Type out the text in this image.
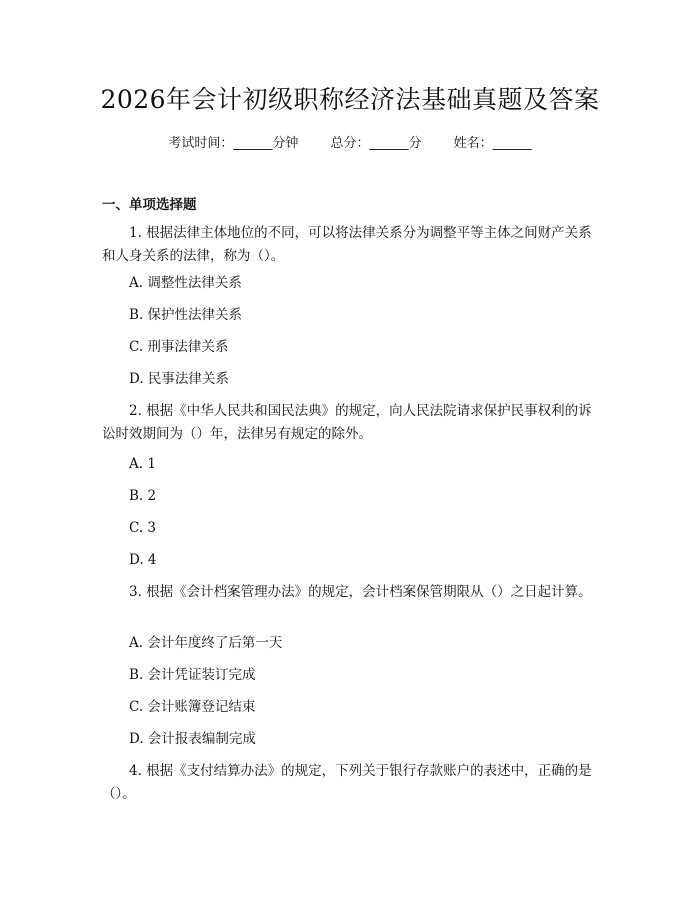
2026年会计初级职称经济法基础真题及答案
考试时间：______分钟 总分：______分 姓名：______
一、单项选择题
1. 根据法律主体地位的不同，可以将法律关系分为调整平等主体之间财产关系和人身关系的法律，称为（）。
A. 调整性法律关系
B. 保护性法律关系
C. 刑事法律关系
D. 民事法律关系
2. 根据《中华人民共和国民法典》的规定，向人民法院请求保护民事权利的诉讼时效期间为（）年，法律另有规定的除外。
A. 1
B. 2
C. 3
D. 4
3. 根据《会计档案管理办法》的规定，会计档案保管期限从（）之日起计算。
A. 会计年度终了后第一天
B. 会计凭证装订完成
C. 会计账簿登记结束
D. 会计报表编制完成
4. 根据《支付结算办法》的规定，下列关于银行存款账户的表述中，正确的是（）。
